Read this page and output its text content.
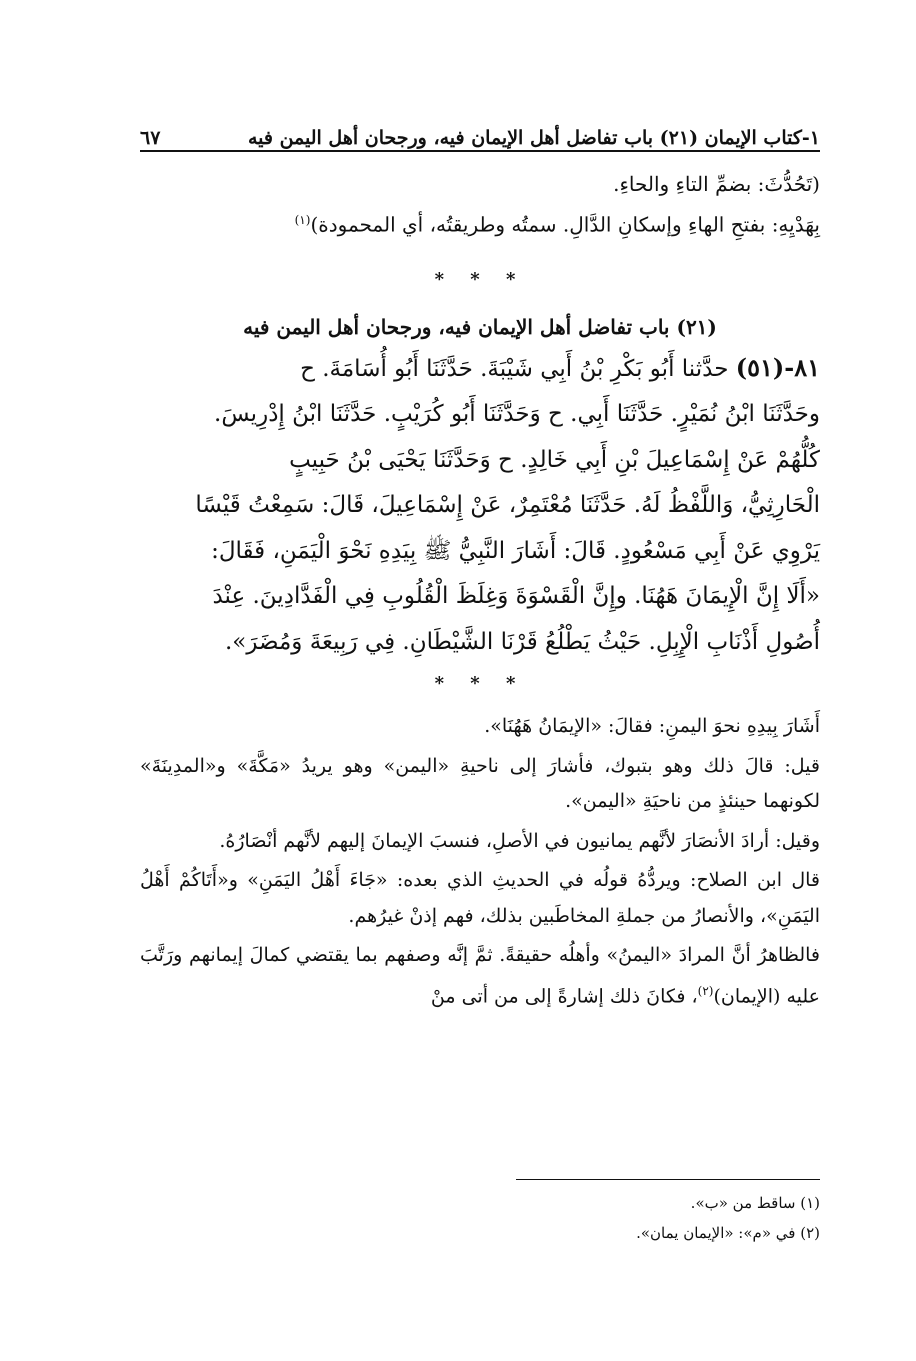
١-كتاب الإيمان (٢١) باب تفاضل أهل الإيمان فيه، ورجحان أهل اليمن فيه
٦٧

(تَحُدُّثَ: بضمِّ التاءِ والحاءِ.

بِهَدْيِهِ: بفتحِ الهاءِ وإسكانِ الدَّالِ. سمتُه وطريقتُه، أي المحمودة)$^{(١)}$

* * *

(٢١) باب تفاضل أهل الإيمان فيه، ورجحان أهل اليمن فيه

٨١-(٥١) حدَّثنا أَبُو بَكْرِ بْنُ أَبِي شَيْبَةَ. حَدَّثَنَا أَبُو أُسَامَةَ. ح

وحَدَّثَنَا ابْنُ نُمَيْرٍ. حَدَّثَنَا أَبِي. ح وَحَدَّثَنَا أَبُو كُرَيْبٍ. حَدَّثَنَا ابْنُ إِدْرِيسَ.

كُلُّهُمْ عَنْ إِسْمَاعِيلَ بْنِ أَبِي خَالِدٍ. ح وَحَدَّثَنَا يَحْيَى بْنُ حَبِيبٍ

الْحَارِثِيُّ، وَاللَّفْظُ لَهُ. حَدَّثَنَا مُعْتَمِرٌ، عَنْ إِسْمَاعِيلَ، قَالَ: سَمِعْتُ قَيْسًا

يَرْوِي عَنْ أَبِي مَسْعُودٍ. قَالَ: أَشَارَ النَّبِيُّ ﷺ بِيَدِهِ نَحْوَ الْيَمَنِ، فَقَالَ:

«أَلَا إِنَّ الْإِيمَانَ هَهُنَا. وإِنَّ الْقَسْوَةَ وَغِلَظَ الْقُلُوبِ فِي الْفَدَّادِينَ. عِنْدَ

أُصُولِ أَذْنَابِ الْإِبِلِ. حَيْثُ يَطْلُعُ قَرْنَا الشَّيْطَانِ. فِي رَبِيعَةَ وَمُضَرَ».

* * *

أَشَارَ بِيدِهِ نحوَ اليمنِ: فقالَ: «الإيمَانُ هَهُنَا».

قيل: قالَ ذلك وهو بتبوك، فأشارَ إلى ناحيةِ «اليمن» وهو يريدُ «مَكَّةَ» و«المدِينَةَ» لكونهما حينئذٍ من ناحيَةِ «اليمن».

وقيل: أرادَ الأنصَارَ لأنَّهم يمانيون في الأصلِ، فنسبَ الإيمانَ إليهم لأنَّهم أنْصَارُهُ.

قال ابن الصلاح: ويردُّهُ قولُه في الحديثِ الذي بعده: «جَاءَ أَهْلُ اليَمَنِ» و«أَتَاكُمْ أَهْلُ اليَمَنِ»، والأنصارُ من جملةِ المخاطَبين بذلك، فهم إذنْ غيرُهم.

فالظاهرُ أنَّ المرادَ «اليمنُ» وأهلُه حقيقةً. ثمَّ إنَّه وصفهم بما يقتضي كمالَ إيمانهم ورَتَّبَ عليه (الإيمان)$^{(٢)}$، فكانَ ذلك إشارةً إلى من أتى منْ

(١) ساقط من «ب».

(٢) في «م»: «الإيمان يمان».
